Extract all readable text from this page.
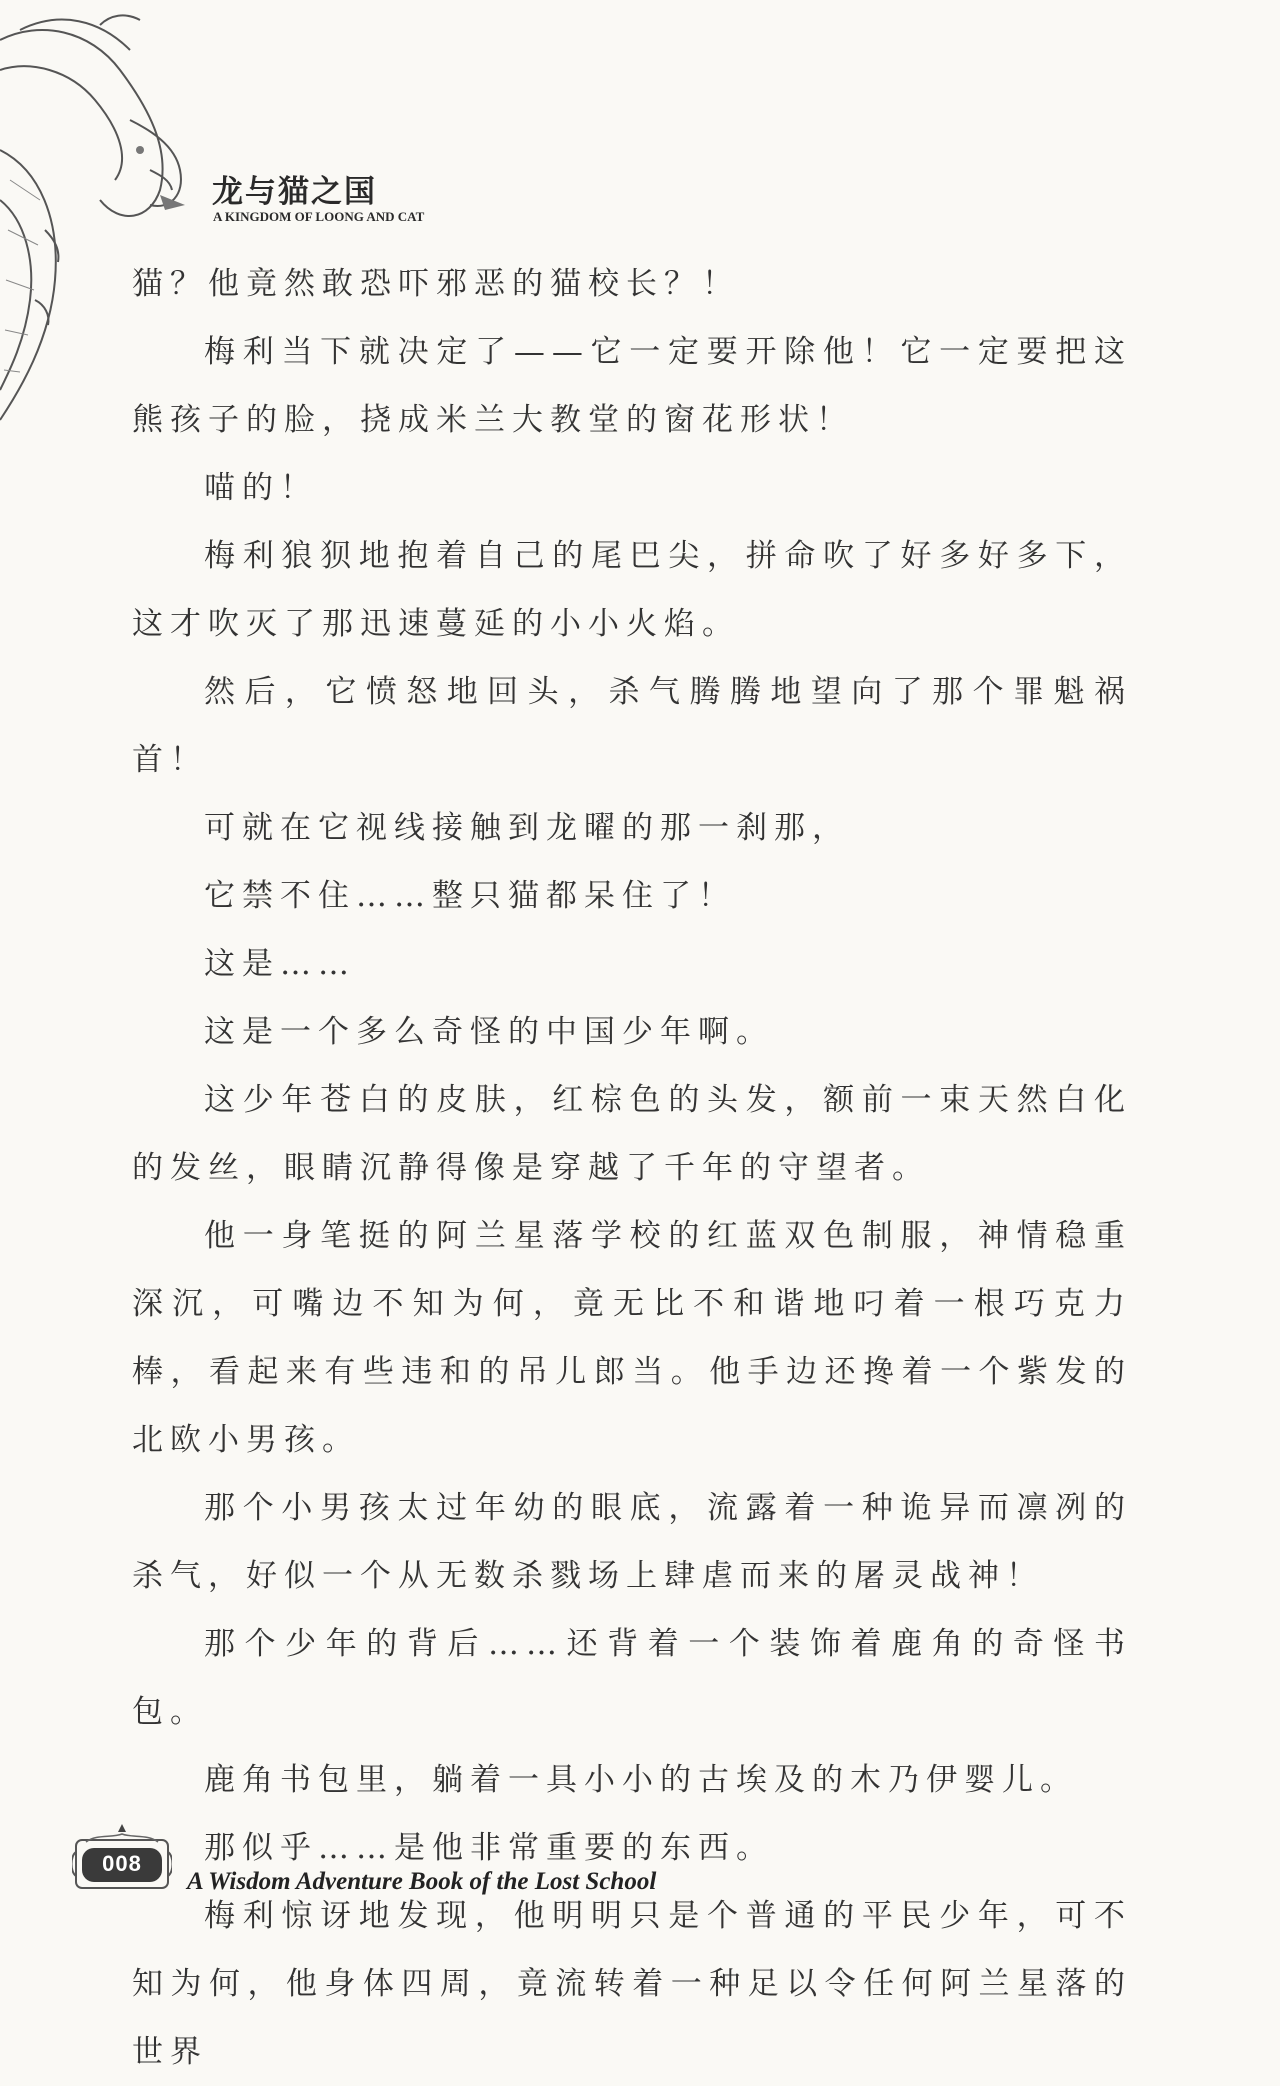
龙与猫之国
A KINGDOM OF LOONG AND CAT

猫？他竟然敢恐吓邪恶的猫校长？！

梅利当下就决定了——它一定要开除他！它一定要把这熊孩子的脸，挠成米兰大教堂的窗花形状！

喵的！

梅利狼狈地抱着自己的尾巴尖，拼命吹了好多好多下，这才吹灭了那迅速蔓延的小小火焰。

然后，它愤怒地回头，杀气腾腾地望向了那个罪魁祸首！

可就在它视线接触到龙曜的那一刹那，

它禁不住……整只猫都呆住了！

这是……

这是一个多么奇怪的中国少年啊。

这少年苍白的皮肤，红棕色的头发，额前一束天然白化的发丝，眼睛沉静得像是穿越了千年的守望者。

他一身笔挺的阿兰星落学校的红蓝双色制服，神情稳重深沉，可嘴边不知为何，竟无比不和谐地叼着一根巧克力棒，看起来有些违和的吊儿郎当。他手边还搀着一个紫发的北欧小男孩。

那个小男孩太过年幼的眼底，流露着一种诡异而凛冽的杀气，好似一个从无数杀戮场上肆虐而来的屠灵战神！

那个少年的背后……还背着一个装饰着鹿角的奇怪书包。

鹿角书包里，躺着一具小小的古埃及的木乃伊婴儿。

那似乎……是他非常重要的东西。

梅利惊讶地发现，他明明只是个普通的平民少年，可不知为何，他身体四周，竟流转着一种足以令任何阿兰星落的世界

008
A Wisdom Adventure Book of the Lost School
